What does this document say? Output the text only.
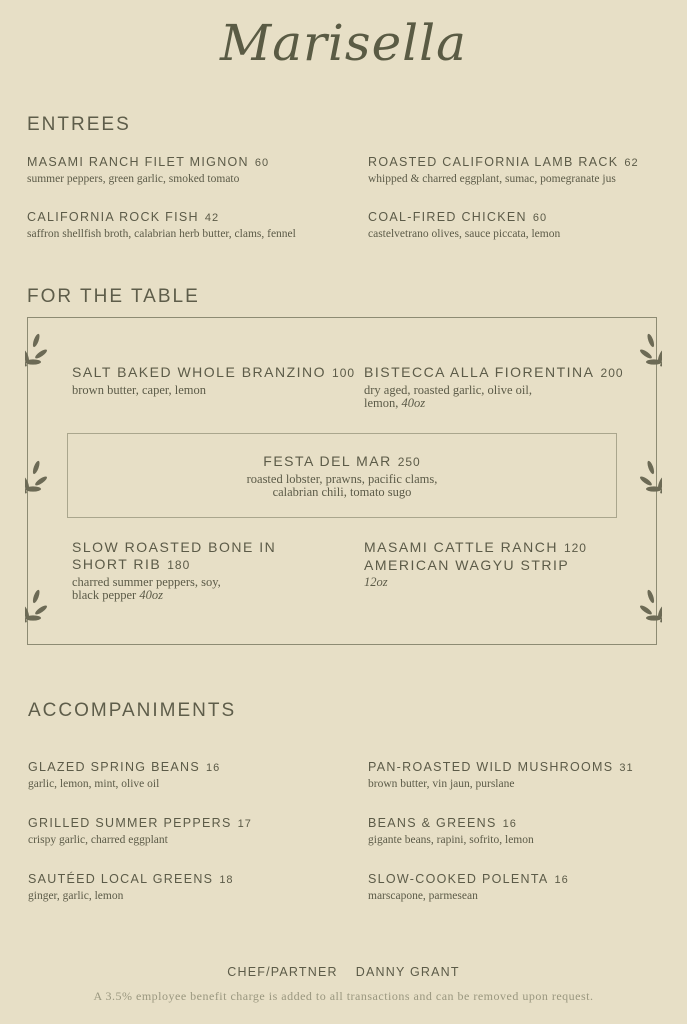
Marisella
ENTREES
MASAMI RANCH FILET MIGNON 60
summer peppers, green garlic, smoked tomato
ROASTED CALIFORNIA LAMB RACK 62
whipped & charred eggplant, sumac, pomegranate jus
CALIFORNIA ROCK FISH 42
saffron shellfish broth, calabrian herb butter, clams, fennel
COAL-FIRED CHICKEN 60
castelvetrano olives, sauce piccata, lemon
FOR THE TABLE
SALT BAKED WHOLE BRANZINO 100
brown butter, caper, lemon
BISTECCA ALLA FIORENTINA 200
dry aged, roasted garlic, olive oil,
lemon, 40oz
FESTA DEL MAR 250
roasted lobster, prawns, pacific clams,
calabrian chili, tomato sugo
SLOW ROASTED BONE IN
SHORT RIB 180
charred summer peppers, soy,
black pepper 40oz
MASAMI CATTLE RANCH 120
AMERICAN WAGYU STRIP
12oz
ACCOMPANIMENTS
GLAZED SPRING BEANS 16
garlic, lemon, mint, olive oil
PAN-ROASTED WILD MUSHROOMS 31
brown butter, vin jaun, purslane
GRILLED SUMMER PEPPERS 17
crispy garlic, charred eggplant
BEANS & GREENS 16
gigante beans, rapini, sofrito, lemon
SAUTÉED LOCAL GREENS 18
ginger, garlic, lemon
SLOW-COOKED POLENTA 16
marscapone, parmesean
CHEF/PARTNER DANNY GRANT
A 3.5% employee benefit charge is added to all transactions and can be removed upon request.
